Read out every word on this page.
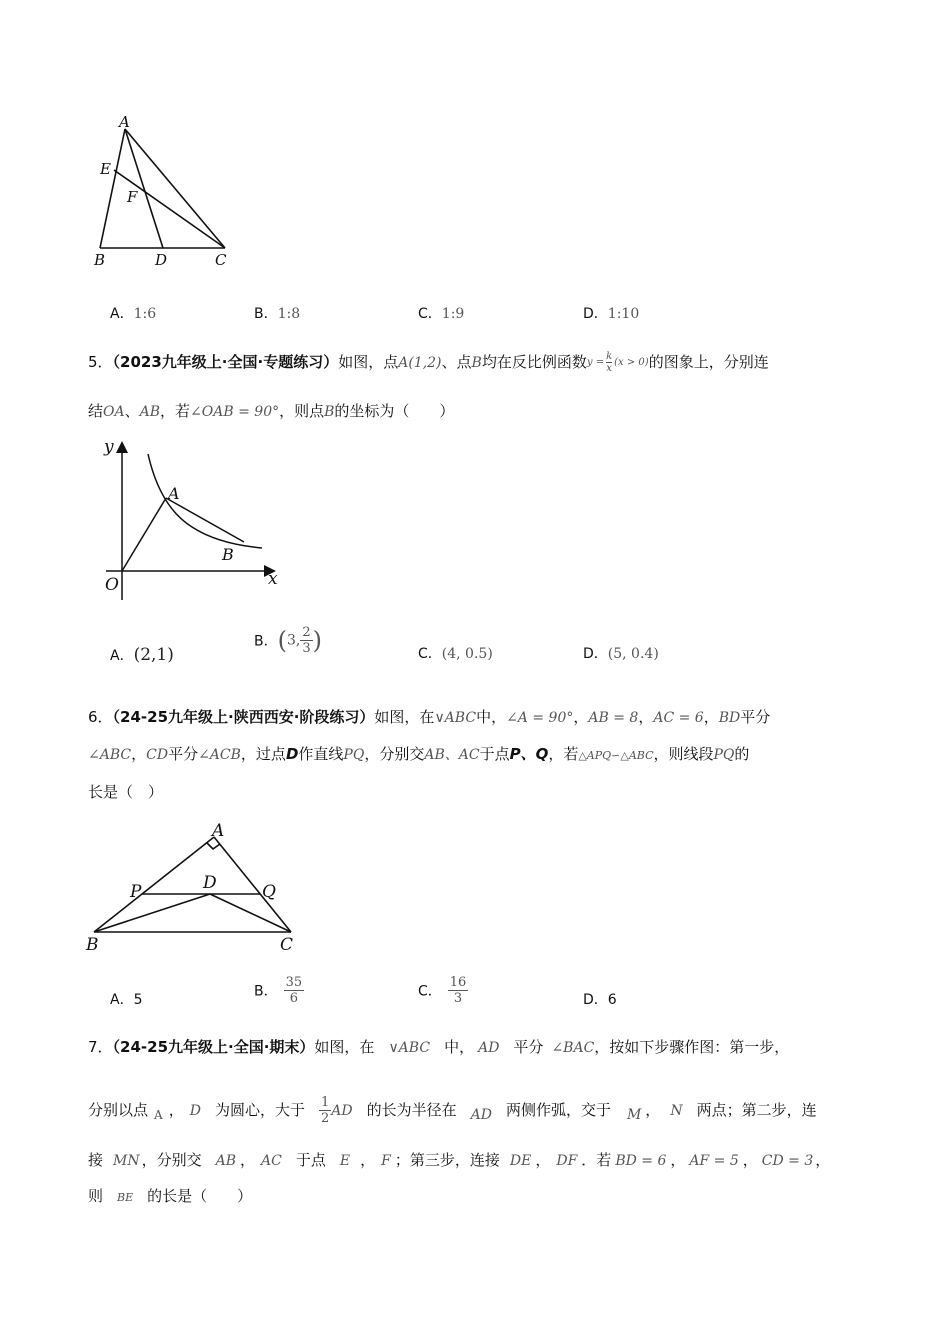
A
E
F
B	D	C
A．1:6	B．1:8	C．1:9	D．1:10
5．（2023九年级上·全国·专题练习）如图，点A(1,2)、点B均在反比例函数$y = \frac{k}{x} (x > 0)$的图象上，分别连
结OA、AB，若∠OAB = 90°，则点B的坐标为（　　）
y
A
B
O	x
A．(2,1)
B．(3, $\frac{2}{3}$ )	C．(4, 0.5)	D．(5, 0.4)
6．（24-25九年级上·陕西西安·阶段练习）如图，在∨ABC中，∠A = 90°，AB = 8，AC = 6，BD平分
∠ABC，CD平分∠ACB，过点D作直线PQ，分别交AB、AC于点P、Q，若△APQ∽△ABC，则线段PQ的
长是（　）
A
P	D	Q
B	C
A．5
B． $\frac{35}{6}$	C． $\frac{16}{3}$	D．6
7．（24-25九年级上·全国·期末）如图，在 ∨ABC 中， AD 平分 ∠BAC，按如下步骤作图：第一步，
分别以点 $_A$ ， D 为圆心，大于 $\frac{1}{2}$ AD 的长为半径在 AD 两侧作弧，交于 M ， N 两点；第二步，连
接 MN ，分别交 AB ， AC 于点 E ， F ；第三步，连接 DE ， DF ．若 BD = 6 ， AF = 5 ， CD = 3 ，
则 BE 的长是（　　）
